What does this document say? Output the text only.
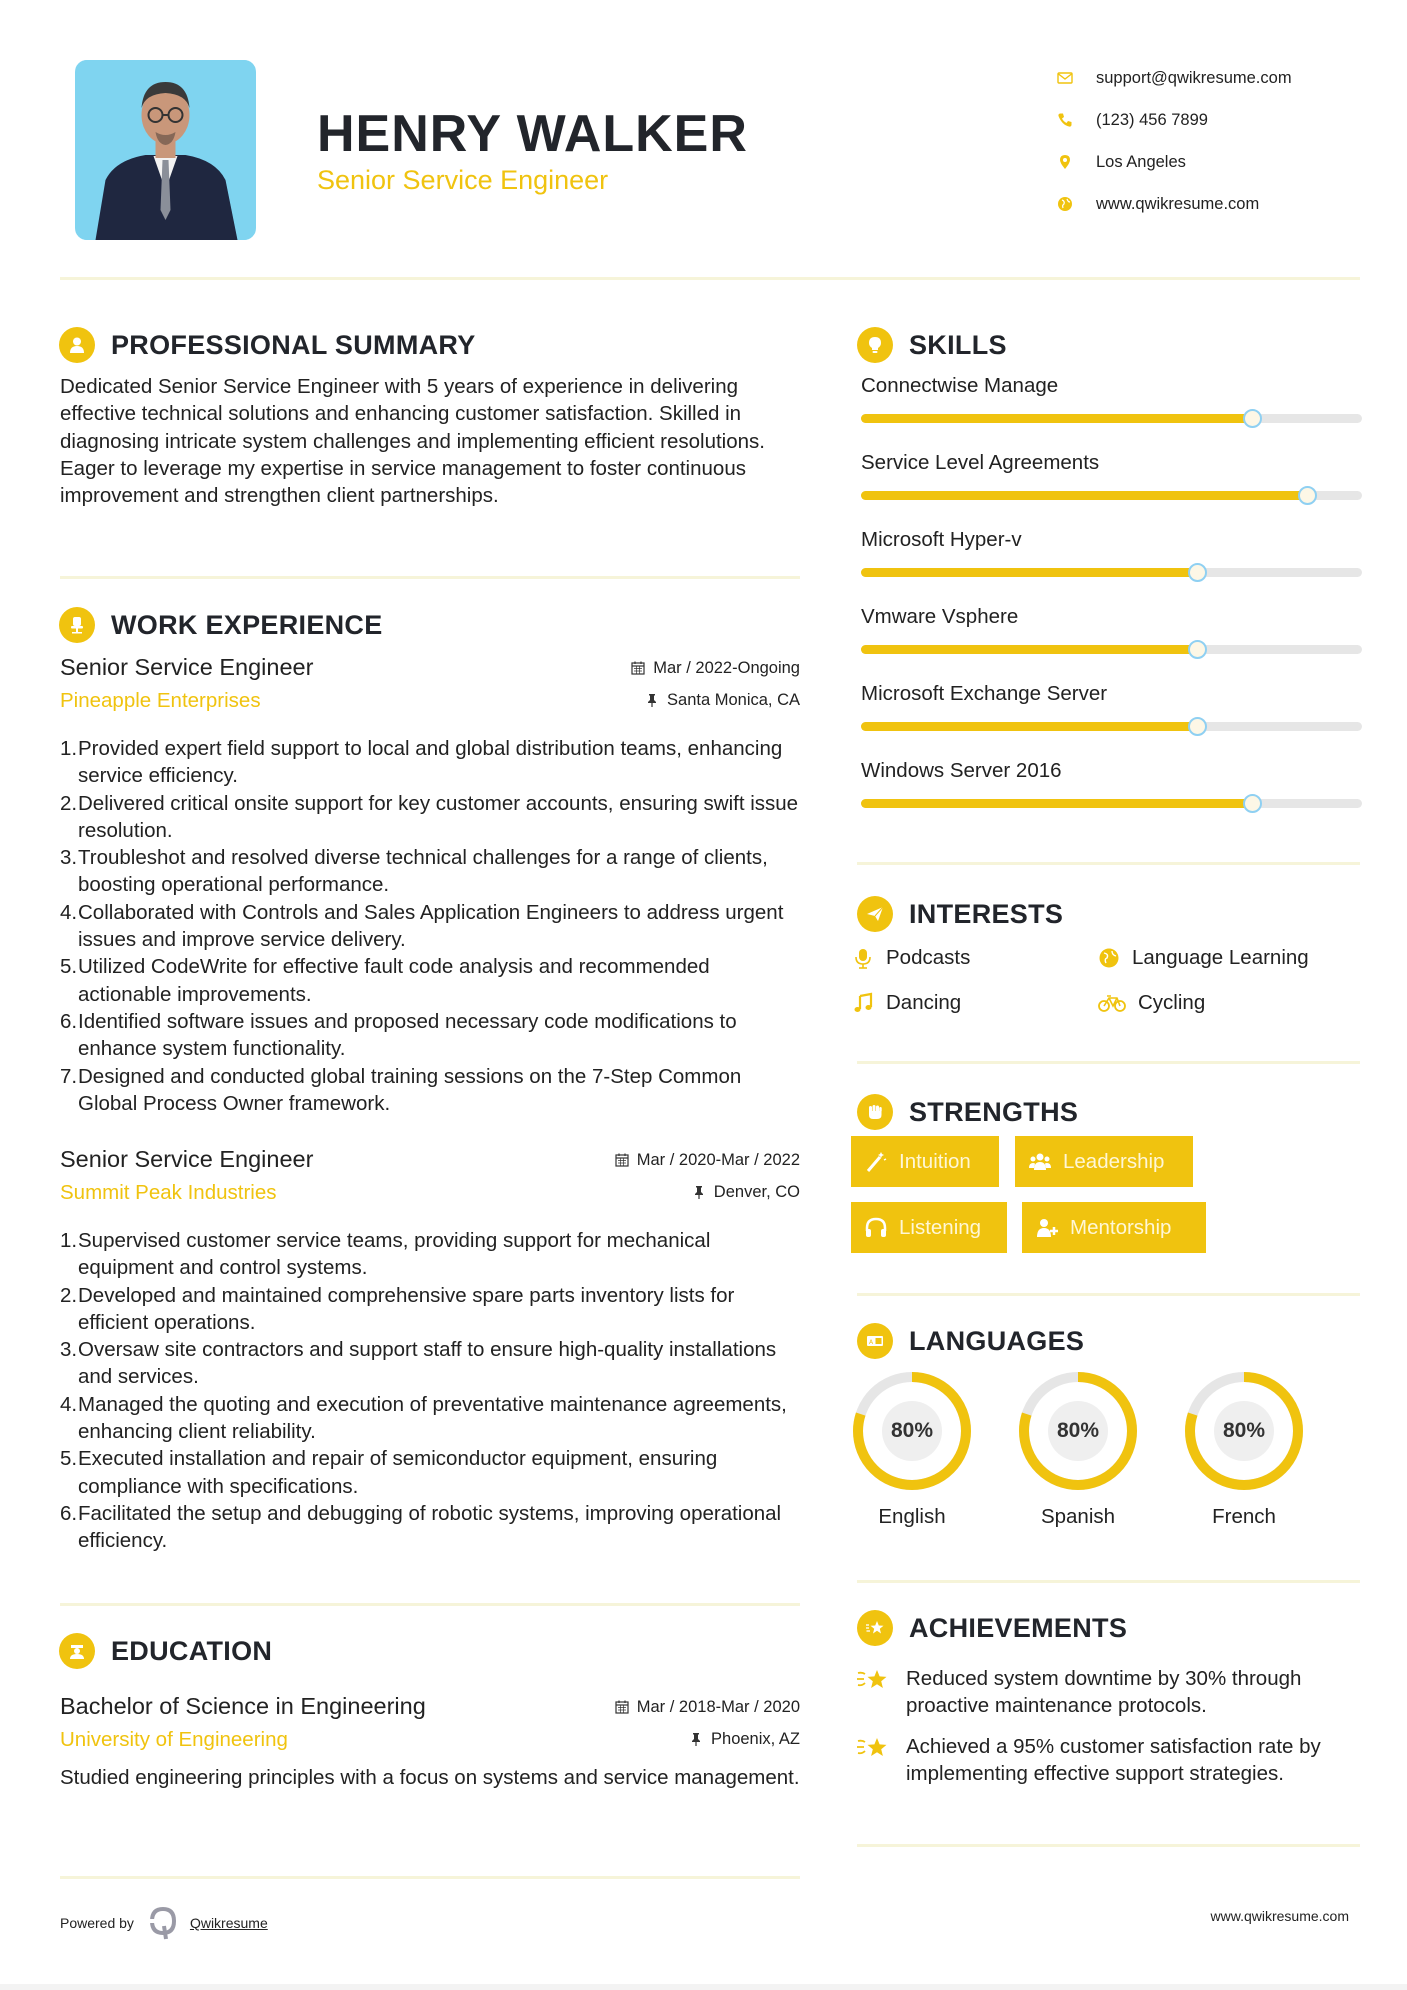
HENRY WALKER
Senior Service Engineer
support@qwikresume.com
(123) 456 7899
Los Angeles
www.qwikresume.com
PROFESSIONAL SUMMARY
Dedicated Senior Service Engineer with 5 years of experience in delivering effective technical solutions and enhancing customer satisfaction. Skilled in diagnosing intricate system challenges and implementing efficient resolutions. Eager to leverage my expertise in service management to foster continuous improvement and strengthen client partnerships.
WORK EXPERIENCE
Senior Service Engineer	Mar / 2022-Ongoing
Pineapple Enterprises	Santa Monica, CA
1. Provided expert field support to local and global distribution teams, enhancing service efficiency.
2. Delivered critical onsite support for key customer accounts, ensuring swift issue resolution.
3. Troubleshot and resolved diverse technical challenges for a range of clients, boosting operational performance.
4. Collaborated with Controls and Sales Application Engineers to address urgent issues and improve service delivery.
5. Utilized CodeWrite for effective fault code analysis and recommended actionable improvements.
6. Identified software issues and proposed necessary code modifications to enhance system functionality.
7. Designed and conducted global training sessions on the 7-Step Common Global Process Owner framework.
Senior Service Engineer	Mar / 2020-Mar / 2022
Summit Peak Industries	Denver, CO
1. Supervised customer service teams, providing support for mechanical equipment and control systems.
2. Developed and maintained comprehensive spare parts inventory lists for efficient operations.
3. Oversaw site contractors and support staff to ensure high-quality installations and services.
4. Managed the quoting and execution of preventative maintenance agreements, enhancing client reliability.
5. Executed installation and repair of semiconductor equipment, ensuring compliance with specifications.
6. Facilitated the setup and debugging of robotic systems, improving operational efficiency.
EDUCATION
Bachelor of Science in Engineering	Mar / 2018-Mar / 2020
University of Engineering	Phoenix, AZ
Studied engineering principles with a focus on systems and service management.
SKILLS
Connectwise Manage
Service Level Agreements
Microsoft Hyper-v
Vmware Vsphere
Microsoft Exchange Server
Windows Server 2016
INTERESTS
Podcasts	Language Learning
Dancing	Cycling
STRENGTHS
Intuition	Leadership
Listening	Mentorship
A LANGUAGES
80%
English
80%
Spanish
80%
French
ACHIEVEMENTS
Reduced system downtime by 30% through proactive maintenance protocols.
Achieved a 95% customer satisfaction rate by implementing effective support strategies.
Powered by	Qwikresume	www.qwikresume.com
